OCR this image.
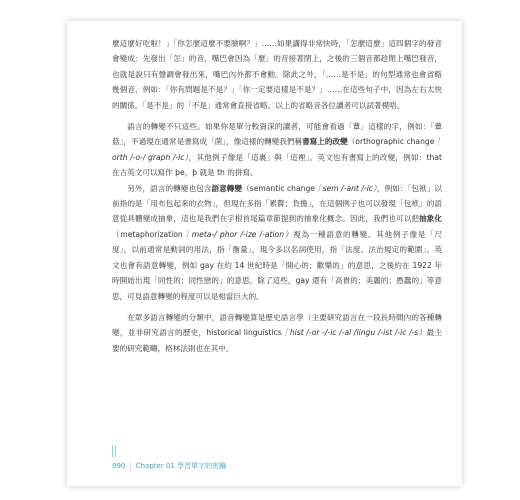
麼這麼好吃啦！」「你怎麼這麼不要臉啊？」……如果講得非常快時，「怎麼這麼」這四個字的發音會變成：先發出「怎」的音，嘴巴會因為「麼」的音接著閉上，之後的三個音都趁閉上嘴巴發音，也就是說只有聲調會發出來，嘴巴內外都不會動。除此之外，「……是不是」的句型通常也會省略幾個音，例如：「你有問題是不是？」「你一定要這樣是不是？」……在這些句子中，因為左右太快的關係，「是不是」的「不是」通常會直接省略。以上的省略音各位讀者可以試著模唔。

語言的轉變不只這些。如果你是單分較資深的讀者，可能會看過「蕈」這樣的字，例如：「蕈菇」，不過現在通常是書寫成「菌」，像這樣的轉變我們稱書寫上的改變（orthographic change｜orth /-o-/ graph /-ic），其他例子像是「這裏」與「這裡」。英文也有書寫上的改變，例如：that 在古英文可以寫作 þe，þ 就是 th 的拼寫。

另外，語言的轉變也包含語意轉變（semantic change｜sem /-ant /-ic），例如：「包袱」以前指的是「用布包起來的衣物」，但現在多指「累贅；負擔」，在這個例子也可以發現「包袱」的語意從具體變成抽象，這也是我們在字根首尾篇章節提到的抽象化概念。因此，我們也可以把抽象化（metaphorization｜meta-/ phor /-ize /-ation）視為一種語意的轉變。其他例子像是「尺度」，以前通常是動詞的用法，指「衡量」，現今多以名詞使用，指「法度、法治規定的範圍」。英文也會有語意轉變，例如 gay 在約 14 世紀時是「開心的；歡樂的」的意思，之後約在 1922 年時開始出現「同性的；同性戀的」的意思，除了這些，gay 還有「高貴的；美麗的；愚蠢的」等意思，可見語意轉變的程度可以是相當巨大的。

在眾多語言轉變的分類中，語音轉變算是歷史語言學（主要研究語言在一段長時間內的各種轉變，並非研究語言的歷史，historical linguistics｜hist /-or -/-ic /-al /lingu /-ist /-ic /-s）最主要的研究範疇，格林法則也在其中。

090 | Chapter 01 學習單字的密鑰
